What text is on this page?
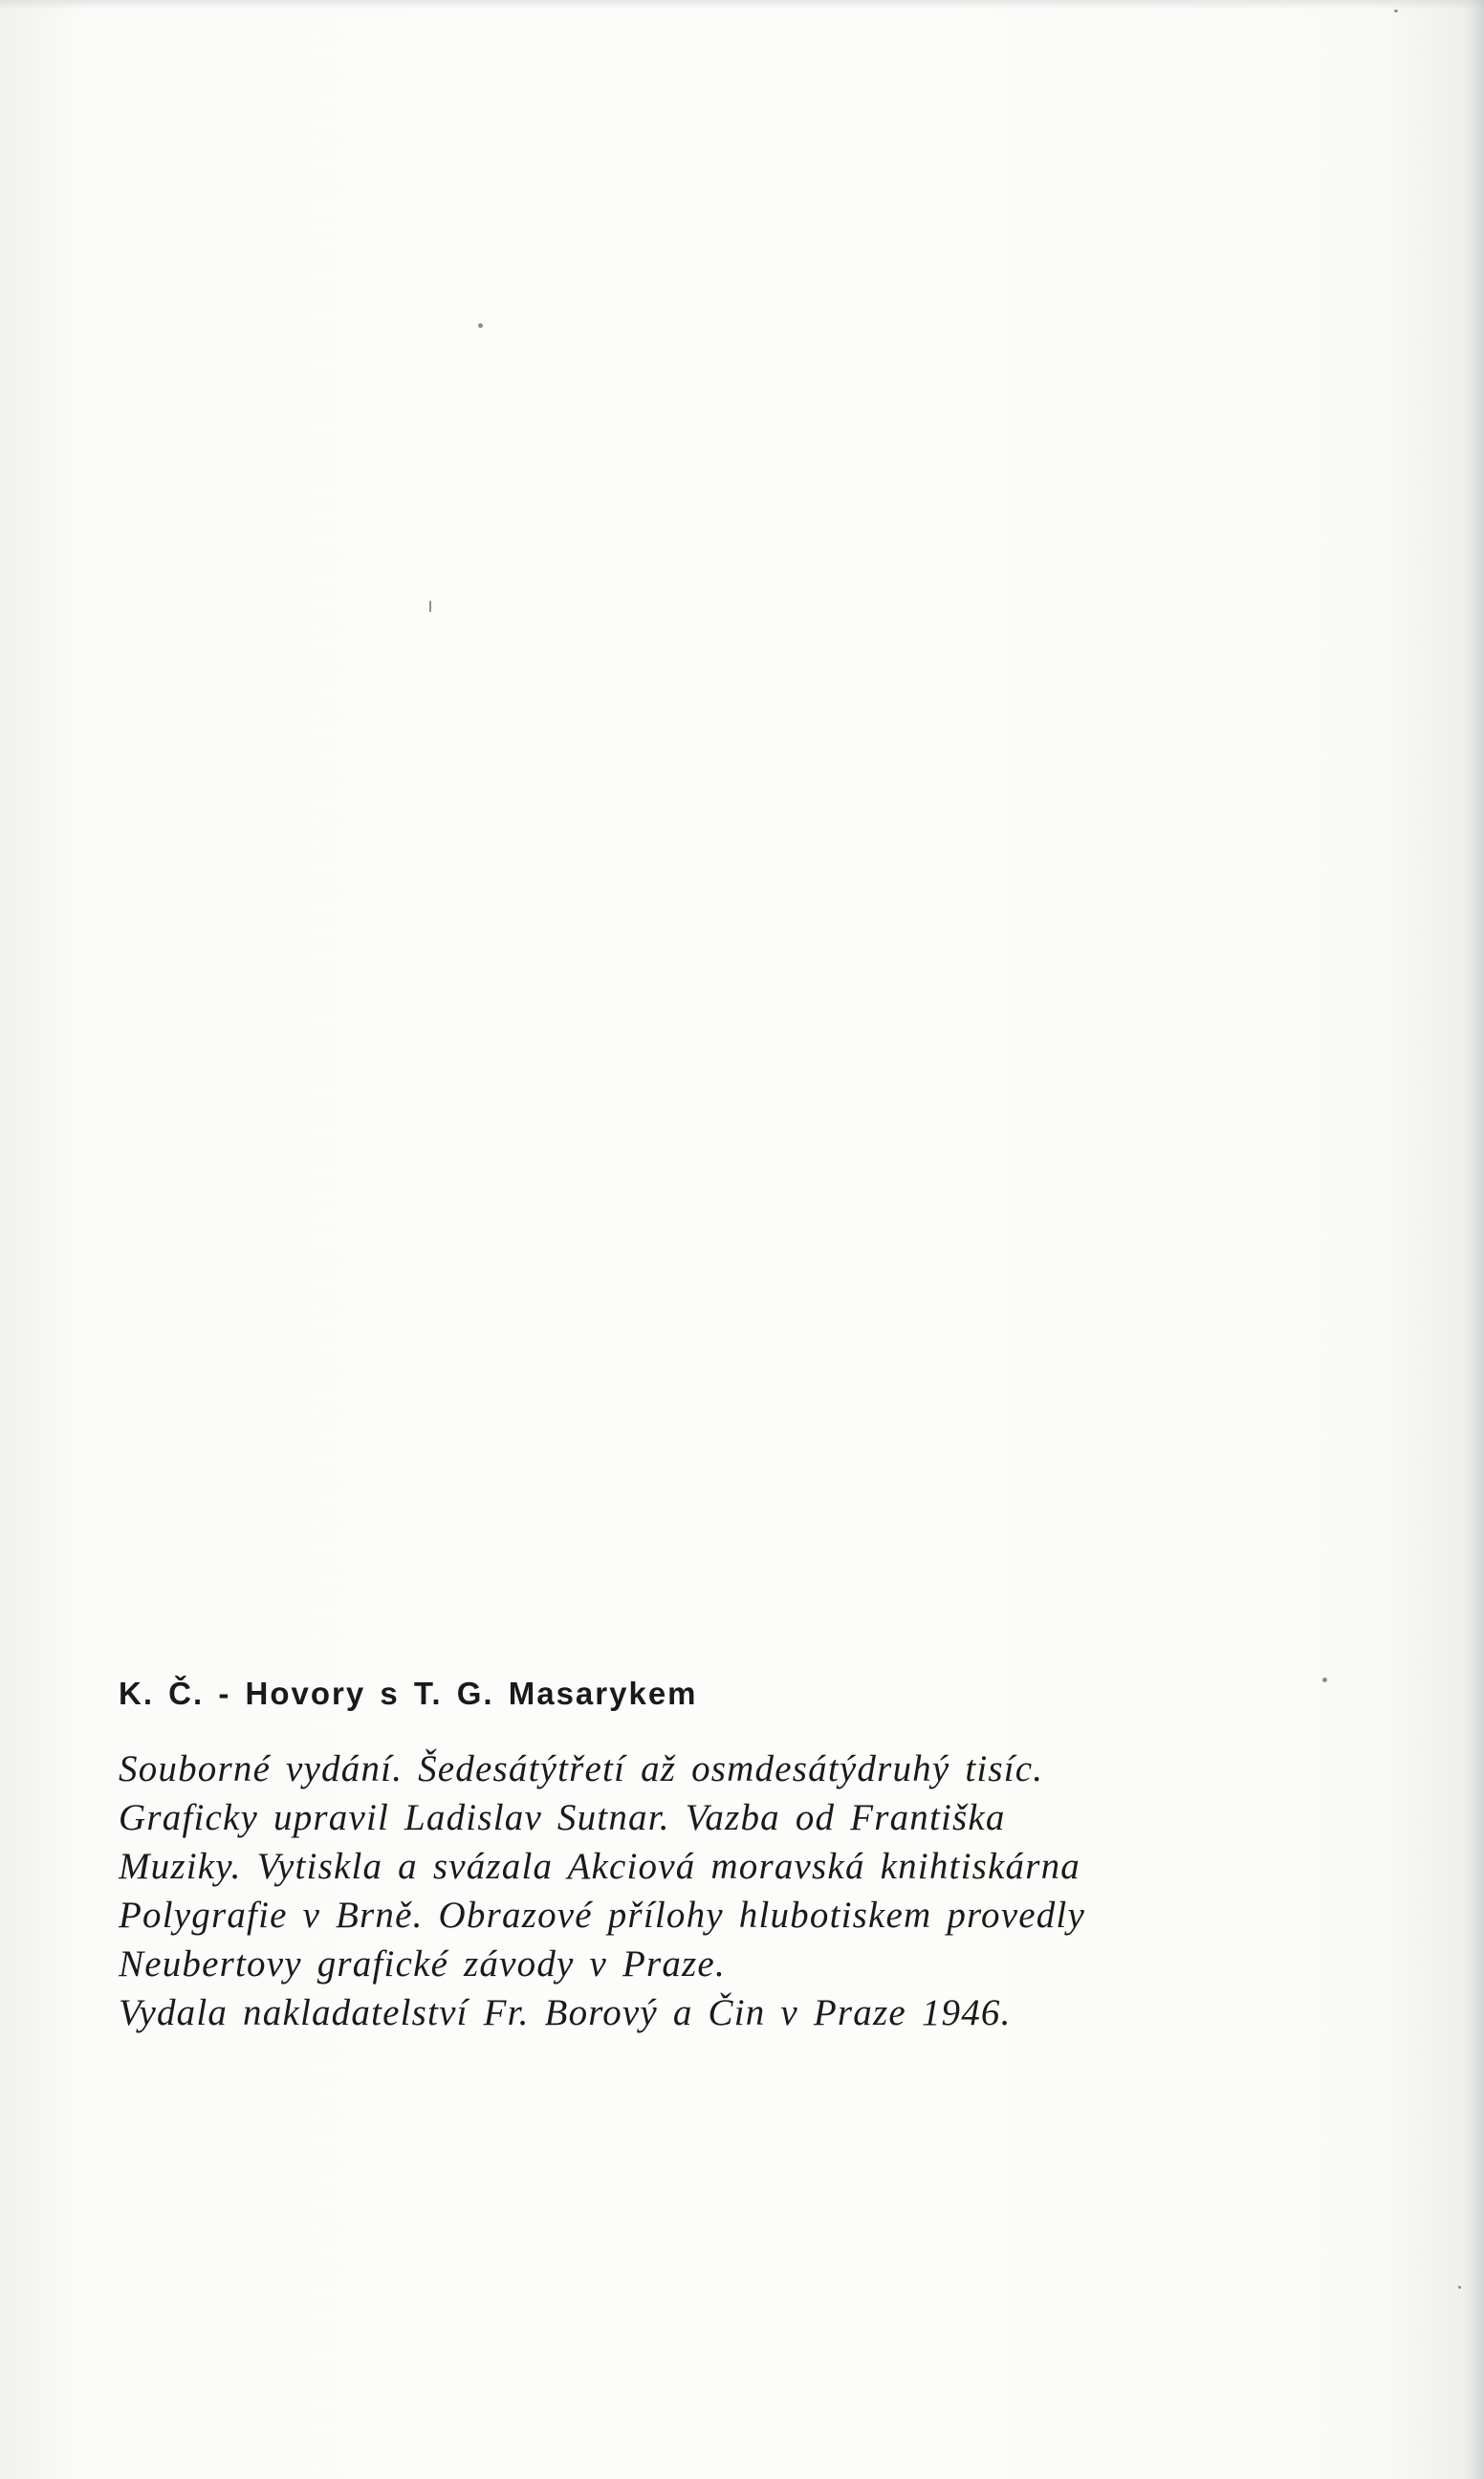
K. Č. - Hovory s T. G. Masarykem
Souborné vydání. Šedesátýtřetí až osmdesátýdruhý tisíc.
Graficky upravil Ladislav Sutnar. Vazba od Františka
Muziky. Vytiskla a svázala Akciová moravská knihtiskárna
Polygrafie v Brně. Obrazové přílohy hlubotiskem provedly
Neubertovy grafické závody v Praze.
Vydala nakladatelství Fr. Borový a Čin v Praze 1946.
